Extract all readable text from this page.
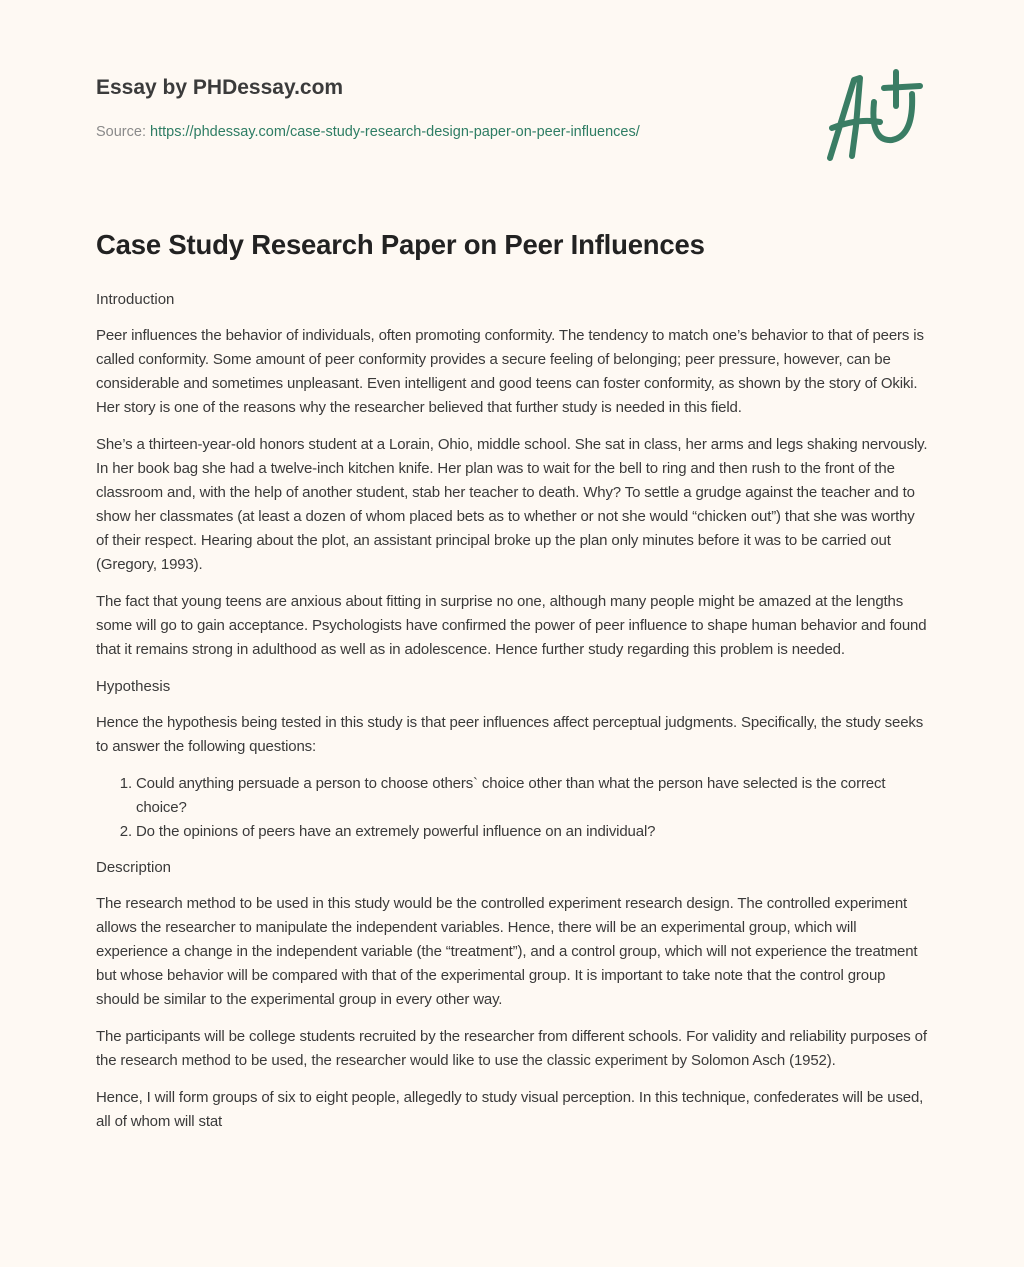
Essay by PHDessay.com
Source: https://phdessay.com/case-study-research-design-paper-on-peer-influences/
Case Study Research Paper on Peer Influences
Introduction

Peer influences the behavior of individuals, often promoting conformity. The tendency to match one’s behavior to that of peers is called conformity. Some amount of peer conformity provides a secure feeling of belonging; peer pressure, however, can be considerable and sometimes unpleasant. Even intelligent and good teens can foster conformity, as shown by the story of Okiki. Her story is one of the reasons why the researcher believed that further study is needed in this field.

She’s a thirteen-year-old honors student at a Lorain, Ohio, middle school. She sat in class, her arms and legs shaking nervously. In her book bag she had a twelve-inch kitchen knife. Her plan was to wait for the bell to ring and then rush to the front of the classroom and, with the help of another student, stab her teacher to death. Why? To settle a grudge against the teacher and to show her classmates (at least a dozen of whom placed bets as to whether or not she would “chicken out”) that she was worthy of their respect. Hearing about the plot, an assistant principal broke up the plan only minutes before it was to be carried out (Gregory, 1993).

The fact that young teens are anxious about fitting in surprise no one, although many people might be amazed at the lengths some will go to gain acceptance. Psychologists have confirmed the power of peer influence to shape human behavior and found that it remains strong in adulthood as well as in adolescence. Hence further study regarding this problem is needed.

Hypothesis

Hence the hypothesis being tested in this study is that peer influences affect perceptual judgments. Specifically, the study seeks to answer the following questions:

1. Could anything persuade a person to choose others` choice other than what the person have selected is the correct choice?
2. Do the opinions of peers have an extremely powerful influence on an individual?
Description

The research method to be used in this study would be the controlled experiment research design. The controlled experiment allows the researcher to manipulate the independent variables. Hence, there will be an experimental group, which will experience a change in the independent variable (the “treatment”), and a control group, which will not experience the treatment but whose behavior will be compared with that of the experimental group. It is important to take note that the control group should be similar to the experimental group in every other way.

The participants will be college students recruited by the researcher from different schools. For validity and reliability purposes of the research method to be used, the researcher would like to use the classic experiment by Solomon Asch (1952).

Hence, I will form groups of six to eight people, allegedly to study visual perception. In this technique, confederates will be used, all of whom will stat
